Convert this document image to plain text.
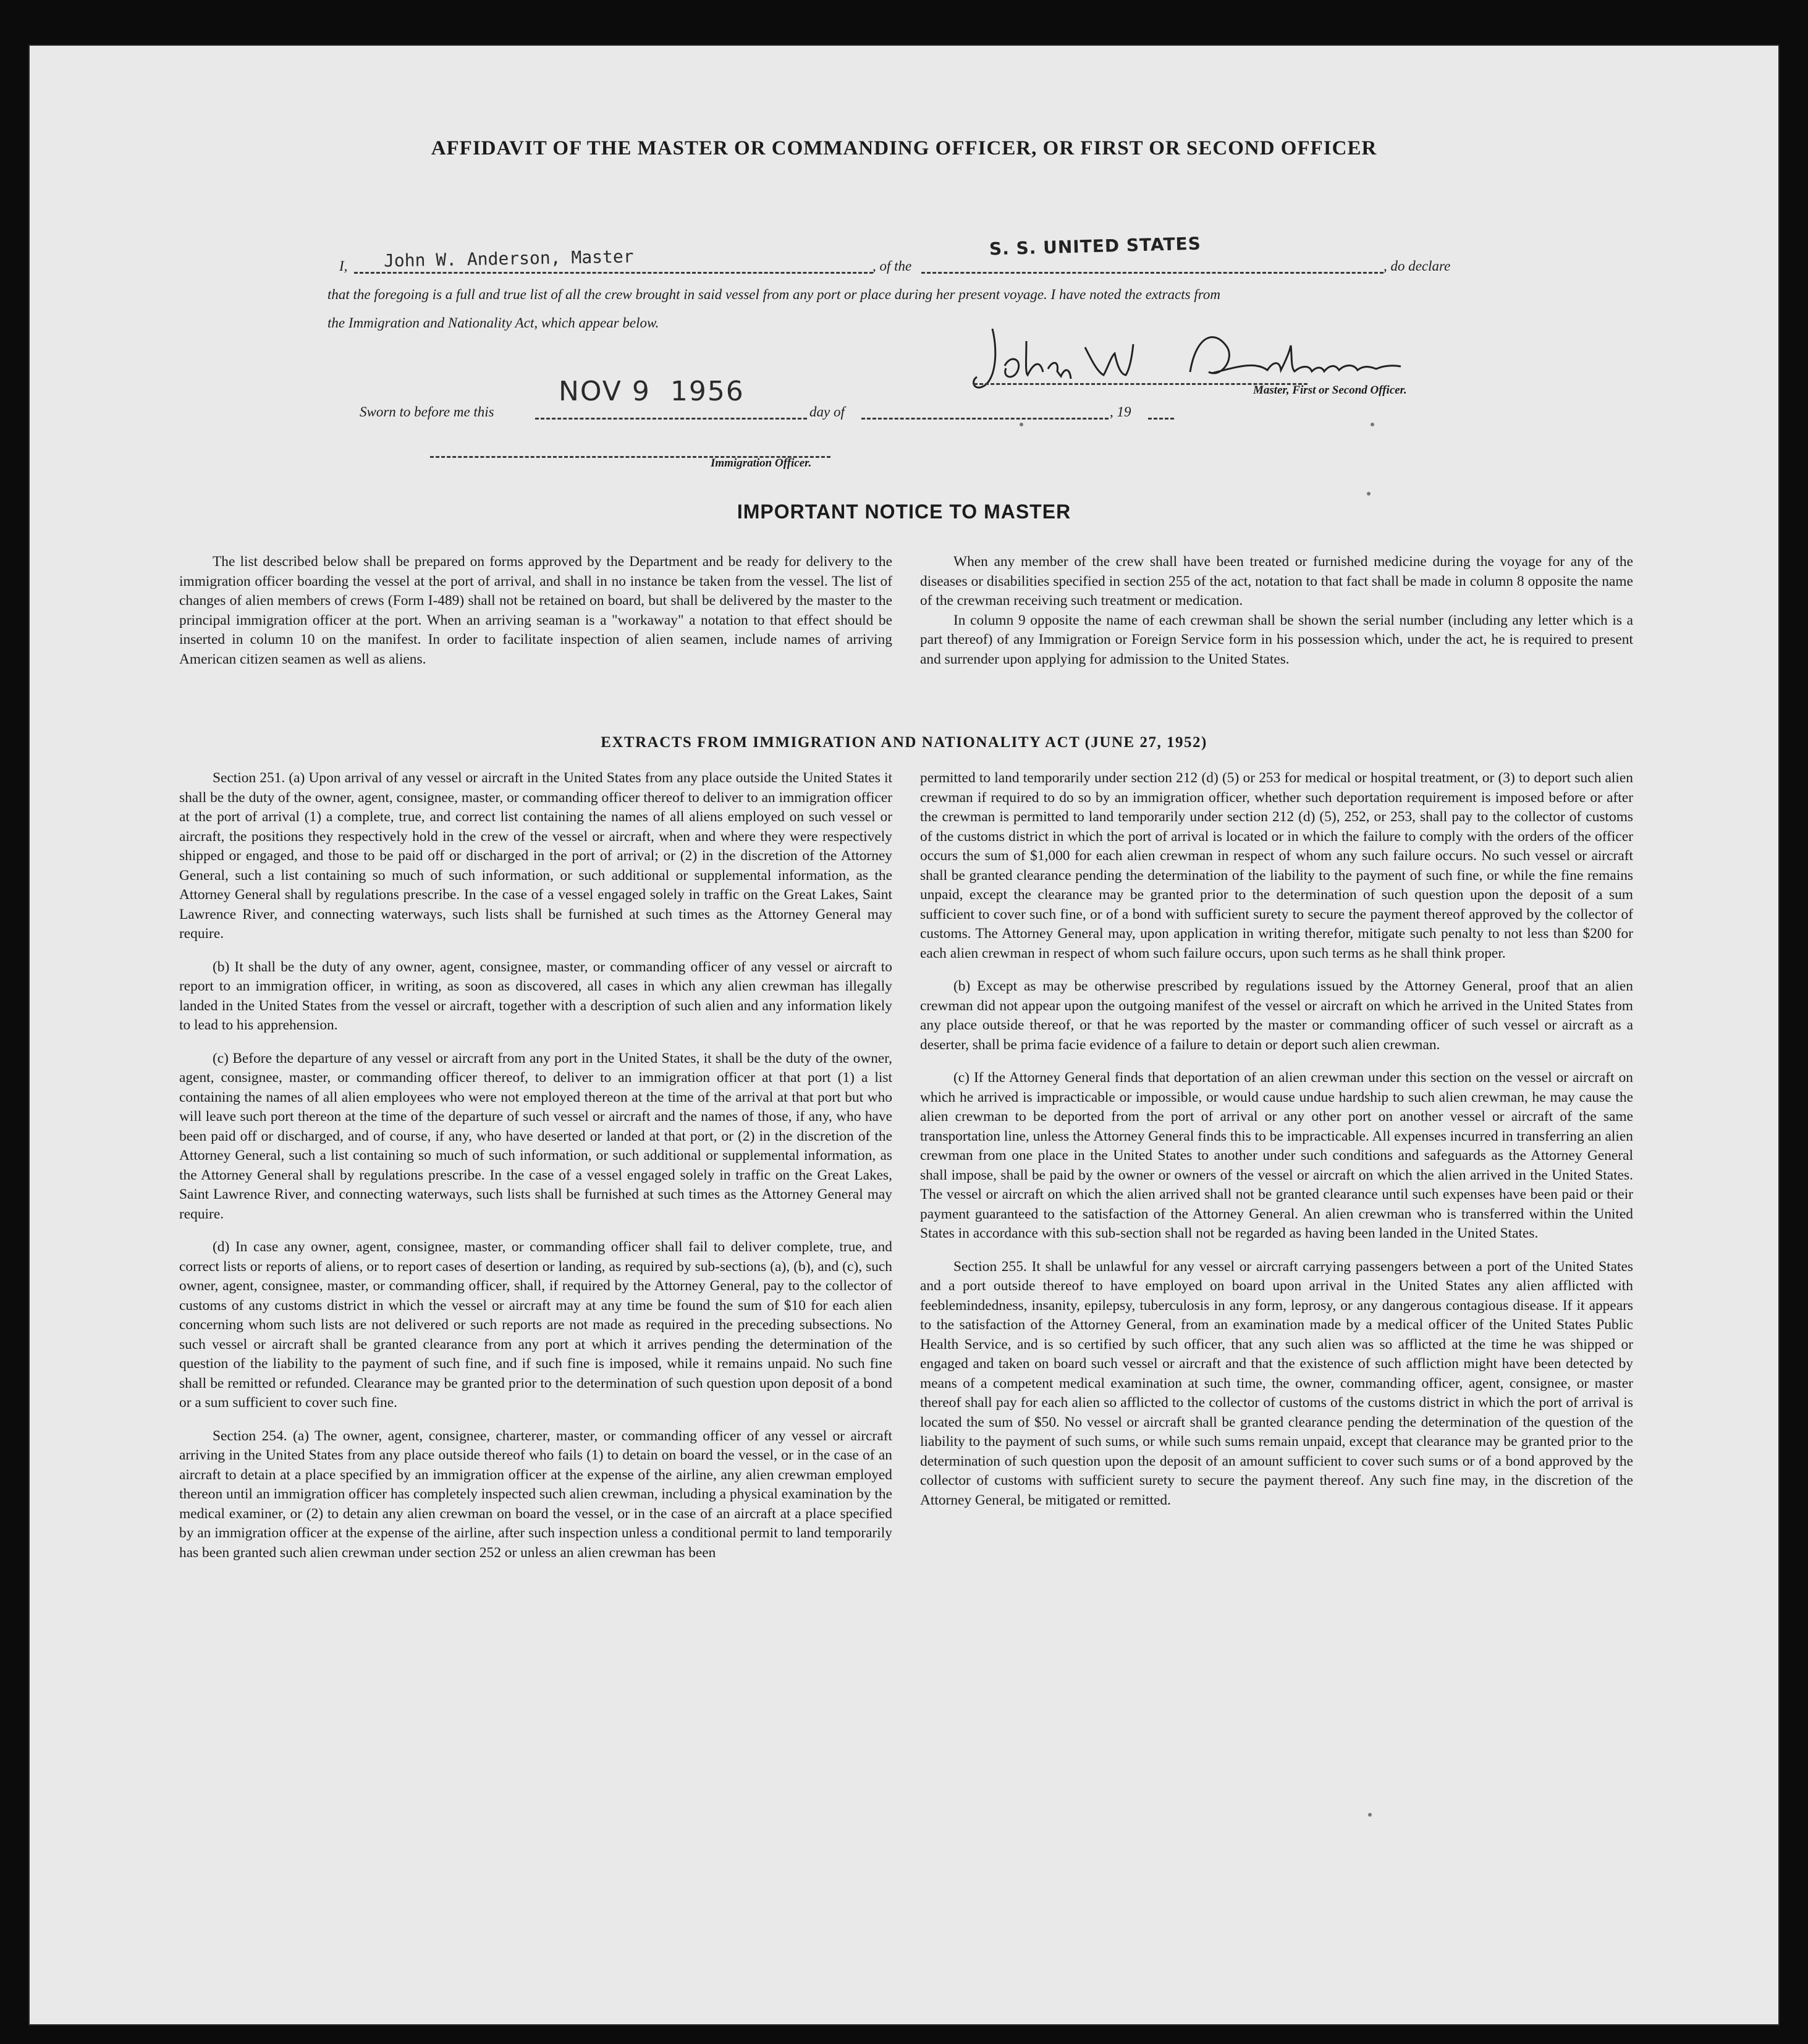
AFFIDAVIT OF THE MASTER OR COMMANDING OFFICER, OR FIRST OR SECOND OFFICER
I, John W. Anderson, Master	, of the
S. S. UNITED STATES
, do declare
that the foregoing is a full and true list of all the crew brought in said vessel from any port or place during her present voyage. I have noted the extracts from
the Immigration and Nationality Act, which appear below.
Master, First or Second Officer.
Sworn to before me this
NOV 9  1956
day of	, 19
Immigration Officer.
IMPORTANT NOTICE TO MASTER

The list described below shall be prepared on forms approved by the Department and be ready for delivery to the immigration officer boarding the vessel at the port of arrival, and shall in no instance be taken from the vessel. The list of changes of alien members of crews (Form I-489) shall not be retained on board, but shall be delivered by the master to the principal immigration officer at the port. When an arriving seaman is a "workaway" a notation to that effect should be inserted in column 10 on the manifest. In order to facilitate inspection of alien seamen, include names of arriving American citizen seamen as well as aliens.

When any member of the crew shall have been treated or furnished medicine during the voyage for any of the diseases or disabilities specified in section 255 of the act, notation to that fact shall be made in column 8 opposite the name of the crewman receiving such treatment or medication.

In column 9 opposite the name of each crewman shall be shown the serial number (including any letter which is a part thereof) of any Immigration or Foreign Service form in his possession which, under the act, he is required to present and surrender upon applying for admission to the United States.

EXTRACTS FROM IMMIGRATION AND NATIONALITY ACT (JUNE 27, 1952)

Section 251. (a) Upon arrival of any vessel or aircraft in the United States from any place outside the United States it shall be the duty of the owner, agent, consignee, master, or commanding officer thereof to deliver to an immigration officer at the port of arrival (1) a complete, true, and correct list containing the names of all aliens employed on such vessel or aircraft, the positions they respectively hold in the crew of the vessel or aircraft, when and where they were respectively shipped or engaged, and those to be paid off or discharged in the port of arrival; or (2) in the discretion of the Attorney General, such a list containing so much of such information, or such additional or supplemental information, as the Attorney General shall by regulations prescribe. In the case of a vessel engaged solely in traffic on the Great Lakes, Saint Lawrence River, and connecting waterways, such lists shall be furnished at such times as the Attorney General may require.

(b) It shall be the duty of any owner, agent, consignee, master, or commanding officer of any vessel or aircraft to report to an immigration officer, in writing, as soon as discovered, all cases in which any alien crewman has illegally landed in the United States from the vessel or aircraft, together with a description of such alien and any information likely to lead to his apprehension.

(c) Before the departure of any vessel or aircraft from any port in the United States, it shall be the duty of the owner, agent, consignee, master, or commanding officer thereof, to deliver to an immigration officer at that port (1) a list containing the names of all alien employees who were not employed thereon at the time of the arrival at that port but who will leave such port thereon at the time of the departure of such vessel or aircraft and the names of those, if any, who have been paid off or discharged, and of course, if any, who have deserted or landed at that port, or (2) in the discretion of the Attorney General, such a list containing so much of such information, or such additional or supplemental information, as the Attorney General shall by regulations prescribe. In the case of a vessel engaged solely in traffic on the Great Lakes, Saint Lawrence River, and connecting waterways, such lists shall be furnished at such times as the Attorney General may require.

(d) In case any owner, agent, consignee, master, or commanding officer shall fail to deliver complete, true, and correct lists or reports of aliens, or to report cases of desertion or landing, as required by sub-sections (a), (b), and (c), such owner, agent, consignee, master, or commanding officer, shall, if required by the Attorney General, pay to the collector of customs of any customs district in which the vessel or aircraft may at any time be found the sum of $10 for each alien concerning whom such lists are not delivered or such reports are not made as required in the preceding subsections. No such vessel or aircraft shall be granted clearance from any port at which it arrives pending the determination of the question of the liability to the payment of such fine, and if such fine is imposed, while it remains unpaid. No such fine shall be remitted or refunded. Clearance may be granted prior to the determination of such question upon deposit of a bond or a sum sufficient to cover such fine.

Section 254. (a) The owner, agent, consignee, charterer, master, or commanding officer of any vessel or aircraft arriving in the United States from any place outside thereof who fails (1) to detain on board the vessel, or in the case of an aircraft to detain at a place specified by an immigration officer at the expense of the airline, any alien crewman employed thereon until an immigration officer has completely inspected such alien crewman, including a physical examination by the medical examiner, or (2) to detain any alien crewman on board the vessel, or in the case of an aircraft at a place specified by an immigration officer at the expense of the airline, after such inspection unless a conditional permit to land temporarily has been granted such alien crewman under section 252 or unless an alien crewman has been

permitted to land temporarily under section 212 (d) (5) or 253 for medical or hospital treatment, or (3) to deport such alien crewman if required to do so by an immigration officer, whether such deportation requirement is imposed before or after the crewman is permitted to land temporarily under section 212 (d) (5), 252, or 253, shall pay to the collector of customs of the customs district in which the port of arrival is located or in which the failure to comply with the orders of the officer occurs the sum of $1,000 for each alien crewman in respect of whom any such failure occurs. No such vessel or aircraft shall be granted clearance pending the determination of the liability to the payment of such fine, or while the fine remains unpaid, except the clearance may be granted prior to the determination of such question upon the deposit of a sum sufficient to cover such fine, or of a bond with sufficient surety to secure the payment thereof approved by the collector of customs. The Attorney General may, upon application in writing therefor, mitigate such penalty to not less than $200 for each alien crewman in respect of whom such failure occurs, upon such terms as he shall think proper.

(b) Except as may be otherwise prescribed by regulations issued by the Attorney General, proof that an alien crewman did not appear upon the outgoing manifest of the vessel or aircraft on which he arrived in the United States from any place outside thereof, or that he was reported by the master or commanding officer of such vessel or aircraft as a deserter, shall be prima facie evidence of a failure to detain or deport such alien crewman.

(c) If the Attorney General finds that deportation of an alien crewman under this section on the vessel or aircraft on which he arrived is impracticable or impossible, or would cause undue hardship to such alien crewman, he may cause the alien crewman to be deported from the port of arrival or any other port on another vessel or aircraft of the same transportation line, unless the Attorney General finds this to be impracticable. All expenses incurred in transferring an alien crewman from one place in the United States to another under such conditions and safeguards as the Attorney General shall impose, shall be paid by the owner or owners of the vessel or aircraft on which the alien arrived in the United States. The vessel or aircraft on which the alien arrived shall not be granted clearance until such expenses have been paid or their payment guaranteed to the satisfaction of the Attorney General. An alien crewman who is transferred within the United States in accordance with this sub-section shall not be regarded as having been landed in the United States.

Section 255. It shall be unlawful for any vessel or aircraft carrying passengers between a port of the United States and a port outside thereof to have employed on board upon arrival in the United States any alien afflicted with feeblemindedness, insanity, epilepsy, tuberculosis in any form, leprosy, or any dangerous contagious disease. If it appears to the satisfaction of the Attorney General, from an examination made by a medical officer of the United States Public Health Service, and is so certified by such officer, that any such alien was so afflicted at the time he was shipped or engaged and taken on board such vessel or aircraft and that the existence of such affliction might have been detected by means of a competent medical examination at such time, the owner, commanding officer, agent, consignee, or master thereof shall pay for each alien so afflicted to the collector of customs of the customs district in which the port of arrival is located the sum of $50. No vessel or aircraft shall be granted clearance pending the determination of the question of the liability to the payment of such sums, or while such sums remain unpaid, except that clearance may be granted prior to the determination of such question upon the deposit of an amount sufficient to cover such sums or of a bond approved by the collector of customs with sufficient surety to secure the payment thereof. Any such fine may, in the discretion of the Attorney General, be mitigated or remitted.
